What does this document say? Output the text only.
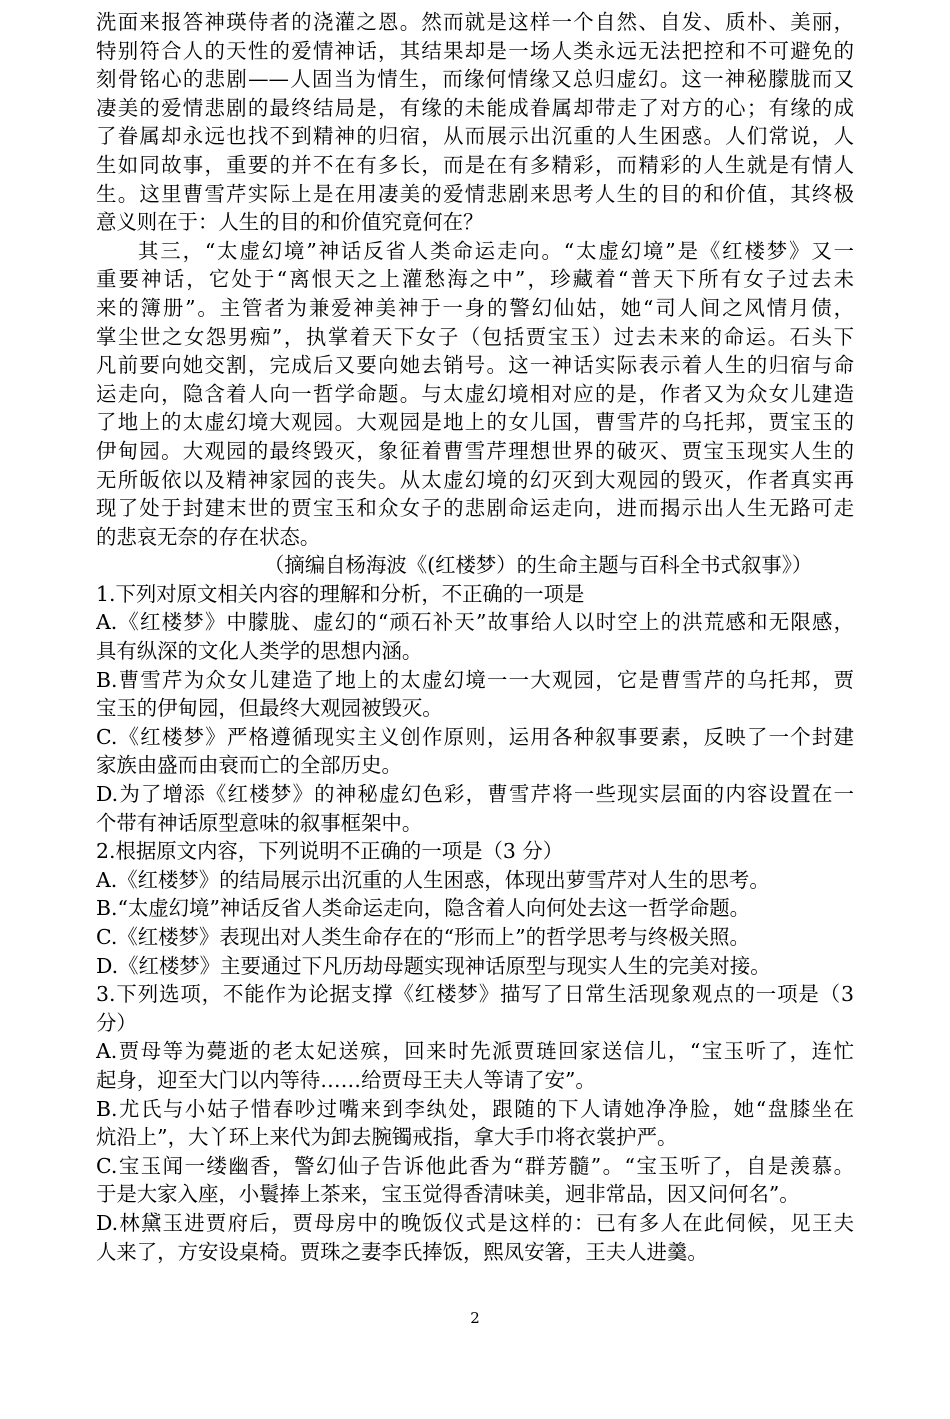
洗面来报答神瑛侍者的浇灌之恩。然而就是这样一个自然、自发、质朴、美丽，
特别符合人的天性的爱情神话，其结果却是一场人类永远无法把控和不可避免的
刻骨铭心的悲剧——人固当为情生，而缘何情缘又总归虚幻。这一神秘朦胧而又
凄美的爱情悲剧的最终结局是，有缘的未能成眷属却带走了对方的心；有缘的成
了眷属却永远也找不到精神的归宿，从而展示出沉重的人生困惑。人们常说，人
生如同故事，重要的并不在有多长，而是在有多精彩，而精彩的人生就是有情人
生。这里曹雪芹实际上是在用凄美的爱情悲剧来思考人生的目的和价值，其终极
意义则在于：人生的目的和价值究竟何在？
其三，“太虚幻境”神话反省人类命运走向。“太虚幻境”是《红楼梦》又一
重要神话，它处于“离恨天之上灌愁海之中”，珍藏着“普天下所有女子过去未
来的簿册”。主管者为兼爱神美神于一身的警幻仙姑，她“司人间之风情月债，
掌尘世之女怨男痴”，执掌着天下女子（包括贾宝玉）过去未来的命运。石头下
凡前要向她交割，完成后又要向她去销号。这一神话实际表示着人生的归宿与命
运走向，隐含着人向一哲学命题。与太虚幻境相对应的是，作者又为众女儿建造
了地上的太虚幻境大观园。大观园是地上的女儿国，曹雪芹的乌托邦，贾宝玉的
伊甸园。大观园的最终毁灭，象征着曹雪芹理想世界的破灭、贾宝玉现实人生的
无所皈依以及精神家园的丧失。从太虚幻境的幻灭到大观园的毁灭，作者真实再
现了处于封建末世的贾宝玉和众女子的悲剧命运走向，进而揭示出人生无路可走
的悲哀无奈的存在状态。
（摘编自杨海波《(红楼梦）的生命主题与百科全书式叙事》）
1.下列对原文相关内容的理解和分析，不正确的一项是
A.《红楼梦》中朦胧、虚幻的“顽石补天”故事给人以时空上的洪荒感和无限感，
具有纵深的文化人类学的思想内涵。
B.曹雪芹为众女儿建造了地上的太虚幻境一一大观园，它是曹雪芹的乌托邦，贾
宝玉的伊甸园，但最终大观园被毁灭。
C.《红楼梦》严格遵循现实主义创作原则，运用各种叙事要素，反映了一个封建
家族由盛而由衰而亡的全部历史。
D.为了增添《红楼梦》的神秘虚幻色彩，曹雪芹将一些现实层面的内容设置在一
个带有神话原型意味的叙事框架中。
2.根据原文内容，下列说明不正确的一项是（3 分）
A.《红楼梦》的结局展示出沉重的人生困惑，体现出萝雪芹对人生的思考。
B.“太虚幻境”神话反省人类命运走向，隐含着人向何处去这一哲学命题。
C.《红楼梦》表现出对人类生命存在的“形而上”的哲学思考与终极关照。
D.《红楼梦》主要通过下凡历劫母题实现神话原型与现实人生的完美对接。
3.下列选项，不能作为论据支撑《红楼梦》描写了日常生活现象观点的一项是（3
分）
A.贾母等为薨逝的老太妃送殡，回来时先派贾琏回家送信儿，“宝玉听了，连忙
起身，迎至大门以内等待……给贾母王夫人等请了安”。
B.尤氏与小姑子惜春吵过嘴来到李纨处，跟随的下人请她净净脸，她“盘膝坐在
炕沿上”，大丫环上来代为卸去腕镯戒指，拿大手巾将衣裳护严。
C.宝玉闻一缕幽香，警幻仙子告诉他此香为“群芳髓”。“宝玉听了，自是羡慕。
于是大家入座，小鬟捧上茶来，宝玉觉得香清味美，迥非常品，因又问何名”。
D.林黛玉进贾府后，贾母房中的晚饭仪式是这样的：已有多人在此伺候，见王夫
人来了，方安设桌椅。贾珠之妻李氏捧饭，熙凤安箸，王夫人进羹。
2
